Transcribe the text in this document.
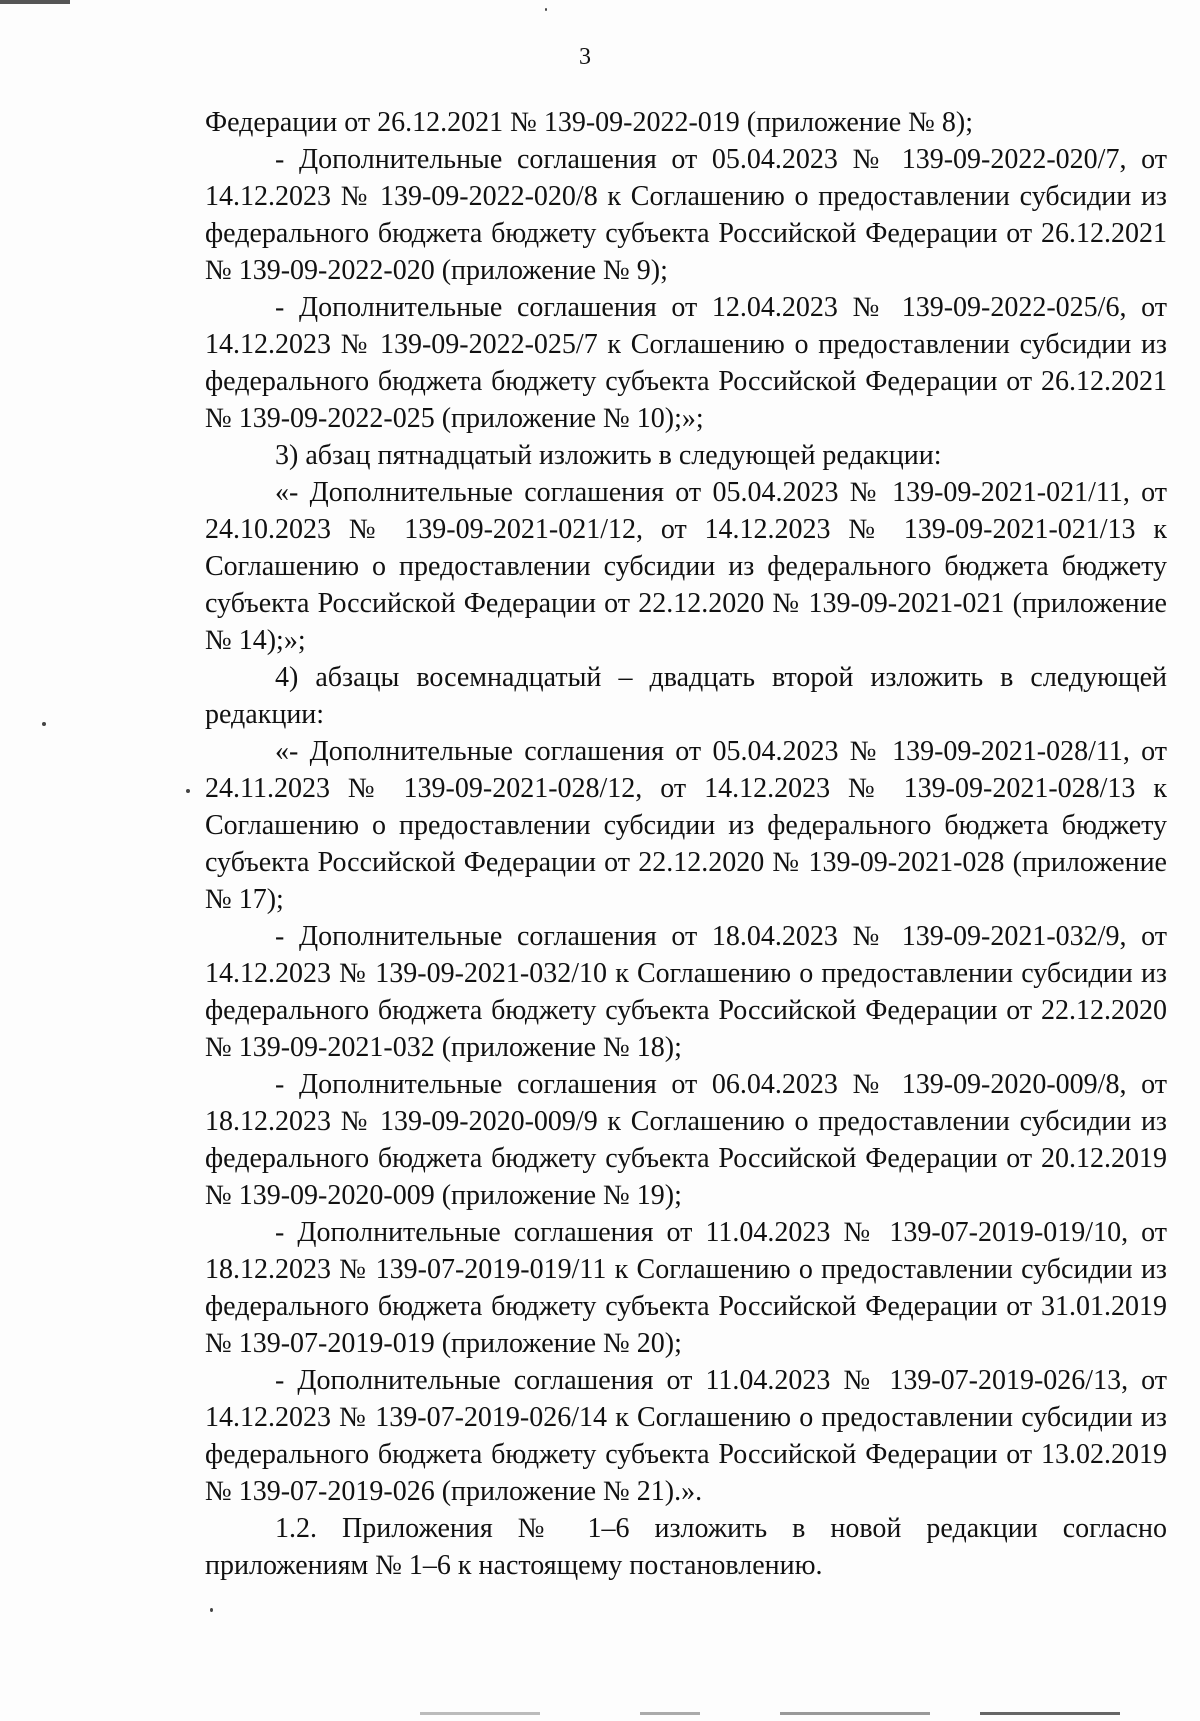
3

Федерации от 26.12.2021 № 139-09-2022-019 (приложение № 8);

- Дополнительные соглашения от 05.04.2023 № 139-09-2022-020/7, от 14.12.2023 № 139-09-2022-020/8 к Соглашению о предоставлении субсидии из федерального бюджета бюджету субъекта Российской Федерации от 26.12.2021 № 139-09-2022-020 (приложение № 9);

- Дополнительные соглашения от 12.04.2023 № 139-09-2022-025/6, от 14.12.2023 № 139-09-2022-025/7 к Соглашению о предоставлении субсидии из федерального бюджета бюджету субъекта Российской Федерации от 26.12.2021 № 139-09-2022-025 (приложение № 10);»;

3) абзац пятнадцатый изложить в следующей редакции:

«- Дополнительные соглашения от 05.04.2023 № 139-09-2021-021/11, от 24.10.2023 № 139-09-2021-021/12, от 14.12.2023 № 139-09-2021-021/13 к Соглашению о предоставлении субсидии из федерального бюджета бюджету субъекта Российской Федерации от 22.12.2020 № 139-09-2021-021 (приложение № 14);»;

4) абзацы восемнадцатый – двадцать второй изложить в следующей редакции:

«- Дополнительные соглашения от 05.04.2023 № 139-09-2021-028/11, от 24.11.2023 № 139-09-2021-028/12, от 14.12.2023 № 139-09-2021-028/13 к Соглашению о предоставлении субсидии из федерального бюджета бюджету субъекта Российской Федерации от 22.12.2020 № 139-09-2021-028 (приложение № 17);

- Дополнительные соглашения от 18.04.2023 № 139-09-2021-032/9, от 14.12.2023 № 139-09-2021-032/10 к Соглашению о предоставлении субсидии из федерального бюджета бюджету субъекта Российской Федерации от 22.12.2020 № 139-09-2021-032 (приложение № 18);

- Дополнительные соглашения от 06.04.2023 № 139-09-2020-009/8, от 18.12.2023 № 139-09-2020-009/9 к Соглашению о предоставлении субсидии из федерального бюджета бюджету субъекта Российской Федерации от 20.12.2019 № 139-09-2020-009 (приложение № 19);

- Дополнительные соглашения от 11.04.2023 № 139-07-2019-019/10, от 18.12.2023 № 139-07-2019-019/11 к Соглашению о предоставлении субсидии из федерального бюджета бюджету субъекта Российской Федерации от 31.01.2019 № 139-07-2019-019 (приложение № 20);

- Дополнительные соглашения от 11.04.2023 № 139-07-2019-026/13, от 14.12.2023 № 139-07-2019-026/14 к Соглашению о предоставлении субсидии из федерального бюджета бюджету субъекта Российской Федерации от 13.02.2019 № 139-07-2019-026 (приложение № 21).».

1.2. Приложения № 1–6 изложить в новой редакции согласно приложениям № 1–6 к настоящему постановлению.
